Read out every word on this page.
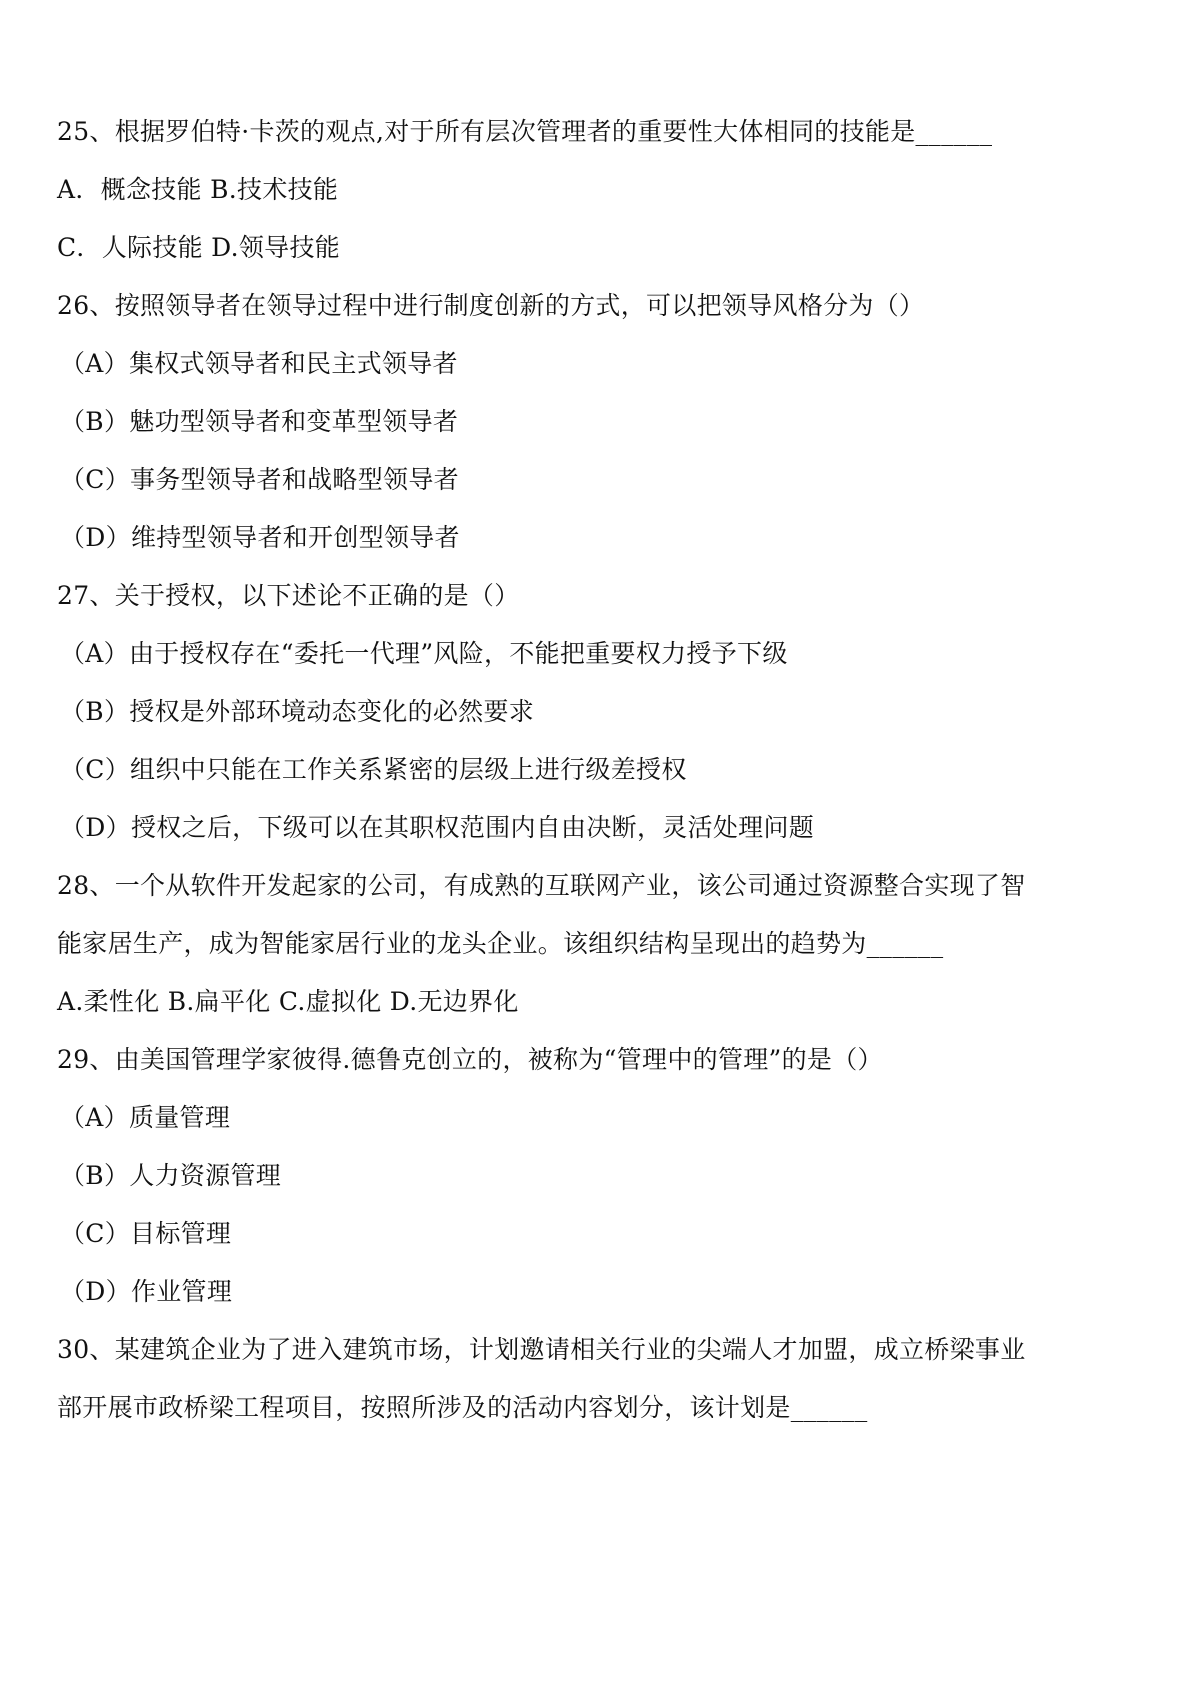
25、根据罗伯特·卡茨的观点,对于所有层次管理者的重要性大体相同的技能是______
A．概念技能 B.技术技能
C．人际技能 D.领导技能
26、按照领导者在领导过程中进行制度创新的方式，可以把领导风格分为（）
（A）集权式领导者和民主式领导者
（B）魅功型领导者和变革型领导者
（C）事务型领导者和战略型领导者
（D）维持型领导者和开创型领导者
27、关于授权，以下述论不正确的是（）
（A）由于授权存在“委托一代理”风险，不能把重要权力授予下级
（B）授权是外部环境动态变化的必然要求
（C）组织中只能在工作关系紧密的层级上进行级差授权
（D）授权之后，下级可以在其职权范围内自由决断，灵活处理问题
28、一个从软件开发起家的公司，有成熟的互联网产业，该公司通过资源整合实现了智
能家居生产，成为智能家居行业的龙头企业。该组织结构呈现出的趋势为______
A.柔性化 B.扁平化 C.虚拟化 D.无边界化
29、由美国管理学家彼得.德鲁克创立的，被称为“管理中的管理”的是（）
（A）质量管理
（B）人力资源管理
（C）目标管理
（D）作业管理
30、某建筑企业为了进入建筑市场，计划邀请相关行业的尖端人才加盟，成立桥梁事业
部开展市政桥梁工程项目，按照所涉及的活动内容划分，该计划是______
